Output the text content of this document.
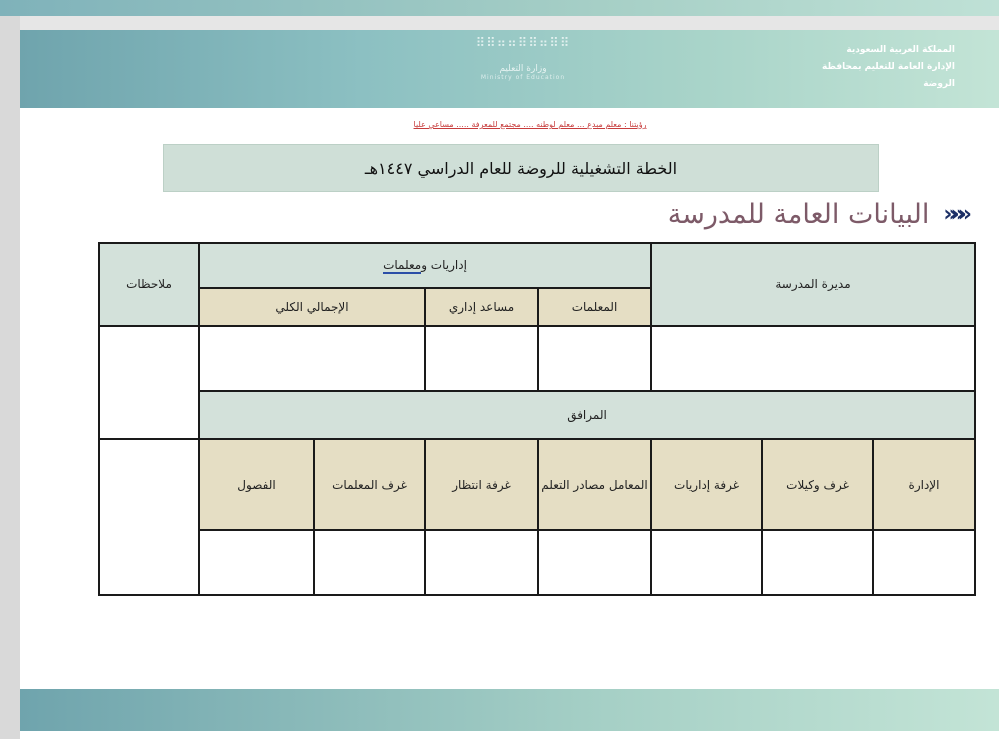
⠿⠿⠶⠶⠿⠿⠶⠿⠿
وزارة التعليم
Ministry of Education
المملكة العربية السعودية
الإدارة العامة للتعليم بمحافظة
الروضة
رؤيتنا : معلم مبدع ... معلم لوطنه .... مجتمع للمعرفة ..... مساعي عليا
الخطة التشغيلية للروضة للعام الدراسي ١٤٤٧هـ
«««
البيانات العامة للمدرسة
مديرة المدرسة			إداريات ومعلمات				ملاحظات
			المعلمات	مساعد إداري	الإجمالي الكلي		

المرافق							
الإدارة	غرف وكيلات	غرفة إداريات	المعامل مصادر التعلم	غرفة انتظار	غرف المعلمات	الفصول	
